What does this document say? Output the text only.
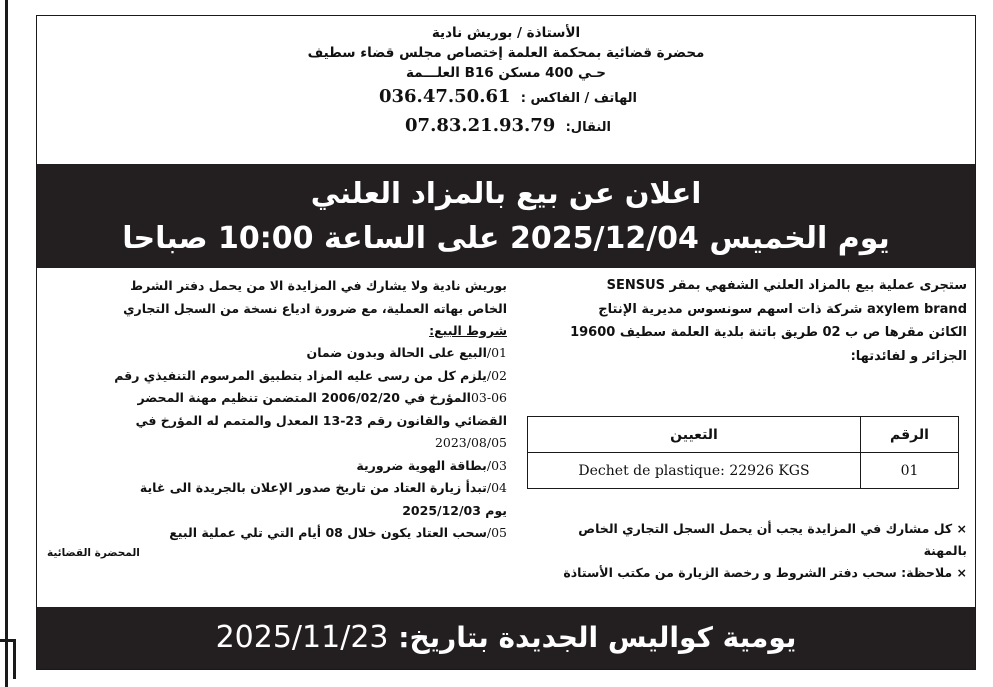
الأستاذة / بوريش نادية
محضرة قضائية بمحكمة العلمة إختصاص مجلس قضاء سطيف
حـي 400 مسكن B16 العلـــمة
الهاتف / الفاكس : 036.47.50.61
النقال: 07.83.21.93.79
اعلان عن بيع بالمزاد العلني
يوم الخميس 2025/12/04 على الساعة 10:00 صباحا
ستجرى عملية بيع بالمزاد العلني الشفهي بمقر SENSUS
axylem brand شركة ذات اسهم سونسوس مديرية الإنتاج
الكائن مقرها ص ب 02 طريق باتنة بلدية العلمة سطيف 19600
الجزائر و لفائدتها:
الرقم	التعيين
01	Dechet de plastique: 22926 KGS
× كل مشارك في المزايدة يجب أن يحمل السجل التجاري الخاص
بالمهنة
× ملاحظة: سحب دفتر الشروط و رخصة الزيارة من مكتب الأستاذة
بوريش نادية ولا يشارك في المزايدة الا من يحمل دفتر الشرط
الخاص بهاته العملية، مع ضرورة ادياع نسخة من السجل التجاري
شروط البيع:
01/البيع على الحالة وبدون ضمان
02/يلزم كل من رسى عليه المزاد بتطبيق المرسوم التنفيذي رقم
03-06المؤرخ في 2006/02/20 المتضمن تنظيم مهنة المحضر
القضائي والقانون رقم 23-13 المعدل والمتمم له المؤرخ في
2023/08/05
03/بطاقة الهوية ضرورية
04/تبدأ زيارة العتاد من تاريخ صدور الإعلان بالجريدة الى غاية
يوم 2025/12/03
05/سحب العتاد يكون خلال 08 أيام التي تلي عملية البيع
المحضرة القضائية
يومية كواليس الجديدة بتاريخ: 2025/11/23
